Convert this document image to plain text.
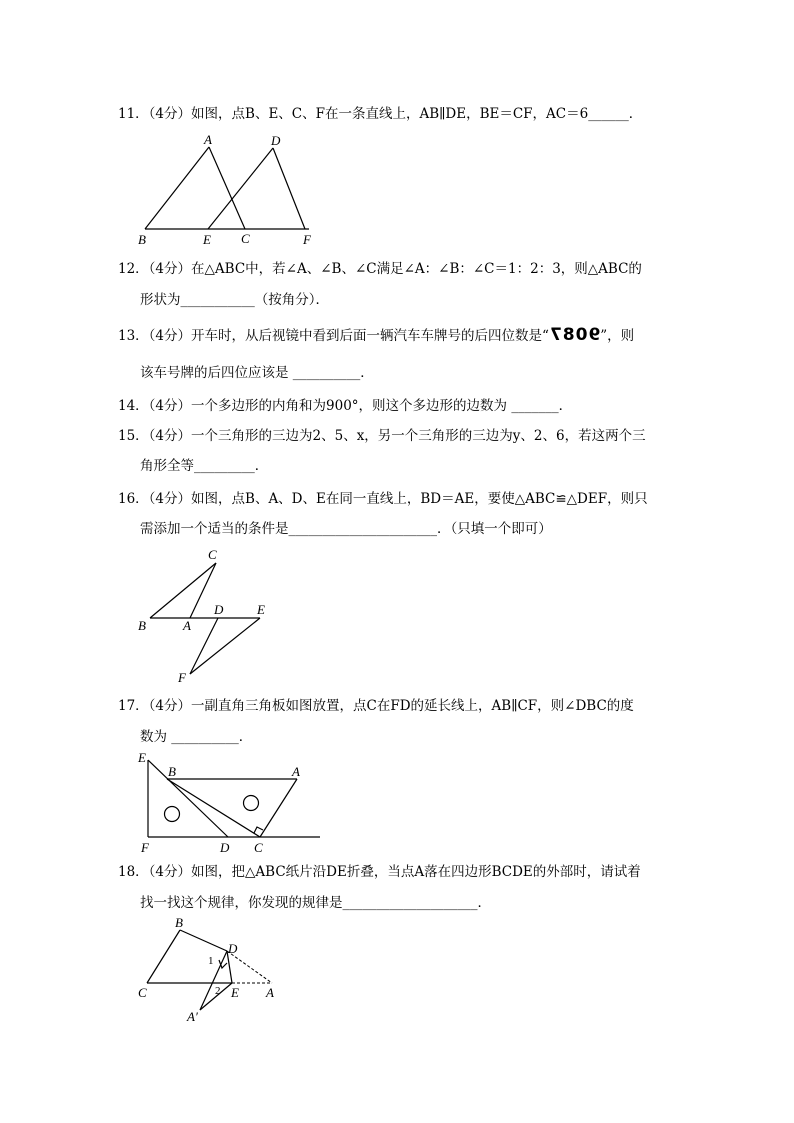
11．（4分）如图，点B、E、C、F在一条直线上，AB∥DE，BE＝CF，AC＝6______．
A	D
B	E C	F
12．（4分）在△ABC中，若∠A、∠B、∠C满足∠A：∠B：∠C＝1：2：3，则△ABC的
形状为___________（按角分）．
13．（4分）开车时，从后视镜中看到后面一辆汽车车牌号的后四位数是“9087”，则
该车号牌的后四位应该是 __________．
14．（4分）一个多边形的内角和为900°，则这个多边形的边数为 _______．
15．（4分）一个三角形的三边为2、5、x，另一个三角形的三边为y、2、6，若这两个三
角形全等_________．
16．（4分）如图，点B、A、D、E在同一直线上，BD＝AE，要使△ABC≌△DEF，则只
需添加一个适当的条件是______________________．（只填一个即可）
C
D	E
B	A
F
17．（4分）一副直角三角板如图放置，点C在FD的延长线上，AB∥CF，则∠DBC的度
数为 __________．
E
B	A
F	D C
18．（4分）如图，把△ABC纸片沿DE折叠，当点A落在四边形BCDE的外部时，请试着
找一找这个规律，你发现的规律是____________________．
B
D
1
C	2 E A
A′
